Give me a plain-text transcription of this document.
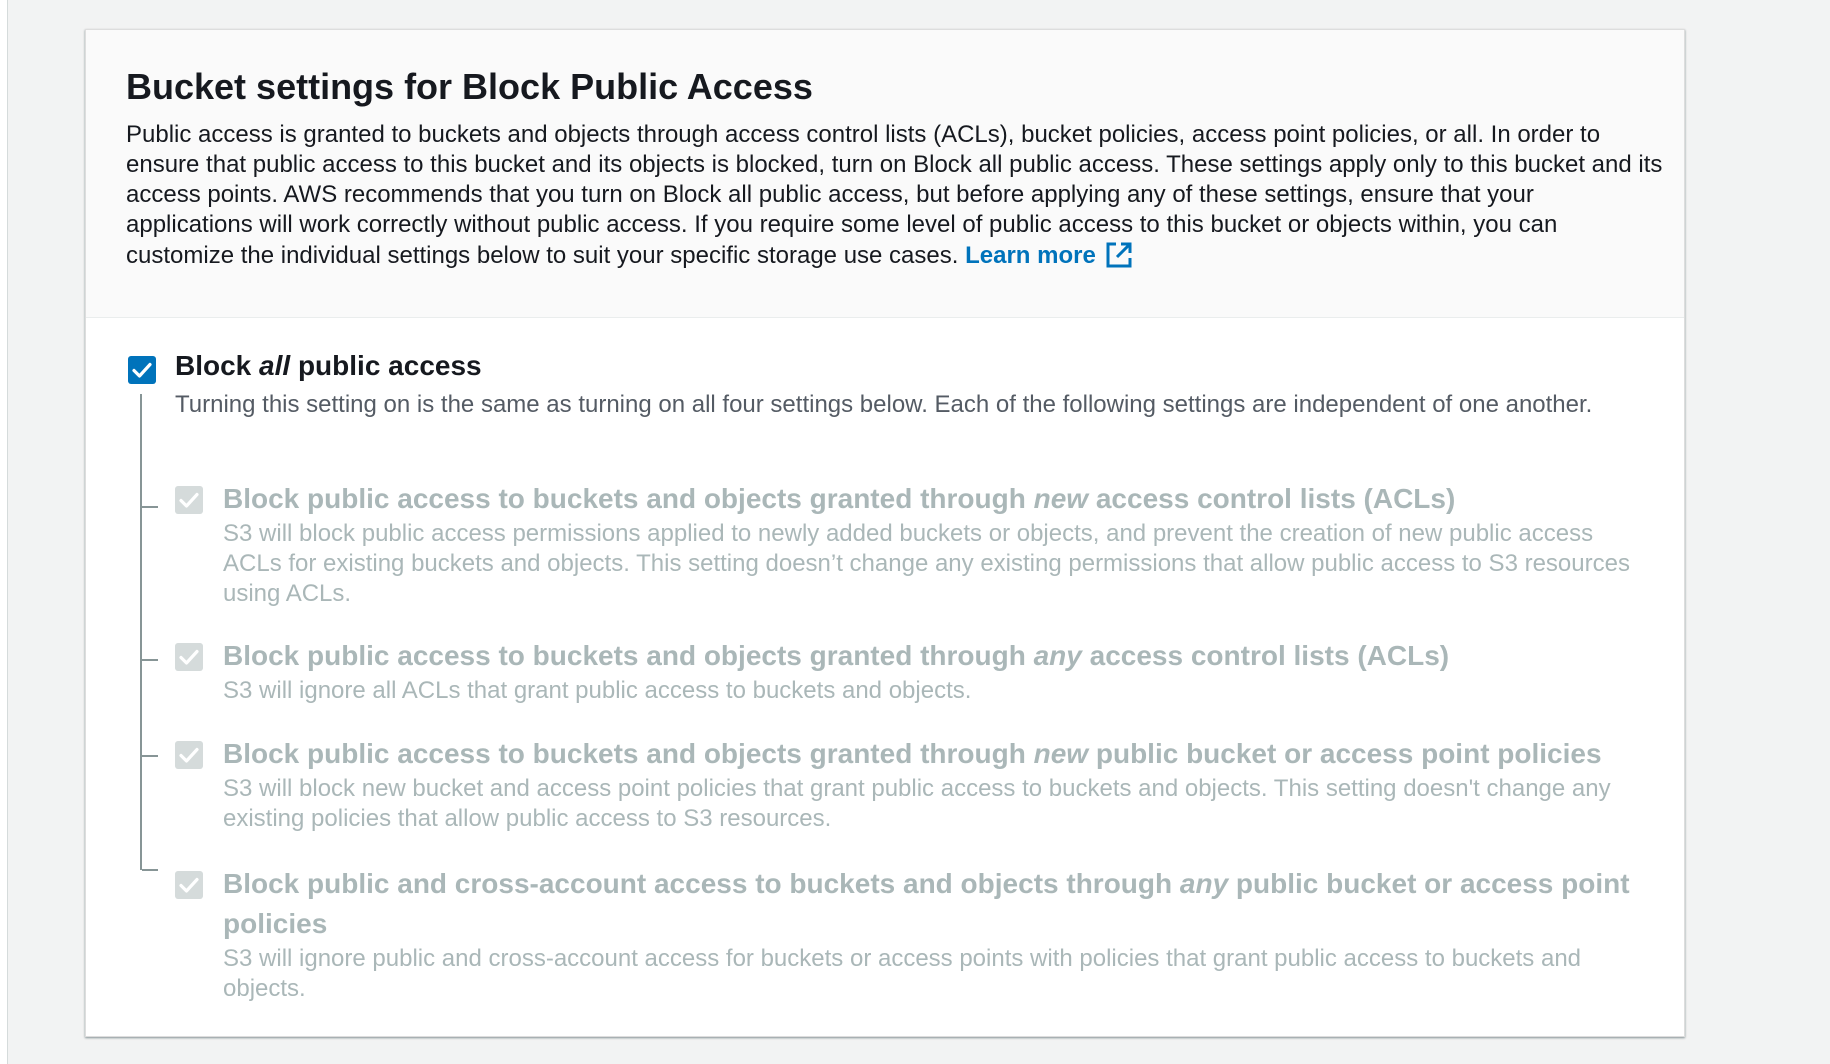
Bucket settings for Block Public Access

Public access is granted to buckets and objects through access control lists (ACLs), bucket policies, access point policies, or all. In order to ensure that public access to this bucket and its objects is blocked, turn on Block all public access. These settings apply only to this bucket and its access points. AWS recommends that you turn on Block all public access, but before applying any of these settings, ensure that your applications will work correctly without public access. If you require some level of public access to this bucket or objects within, you can customize the individual settings below to suit your specific storage use cases. Learn more

Block all public access
Turning this setting on is the same as turning on all four settings below. Each of the following settings are independent of one another.
Block public access to buckets and objects granted through new access control lists (ACLs)

S3 will block public access permissions applied to newly added buckets or objects, and prevent the creation of new public access ACLs for existing buckets and objects. This setting doesn’t change any existing permissions that allow public access to S3 resources using ACLs.

Block public access to buckets and objects granted through any access control lists (ACLs)

S3 will ignore all ACLs that grant public access to buckets and objects.

Block public access to buckets and objects granted through new public bucket or access point policies

S3 will block new bucket and access point policies that grant public access to buckets and objects. This setting doesn't change any existing policies that allow public access to S3 resources.

Block public and cross-account access to buckets and objects through any public bucket or access point policies

S3 will ignore public and cross-account access for buckets or access points with policies that grant public access to buckets and objects.
